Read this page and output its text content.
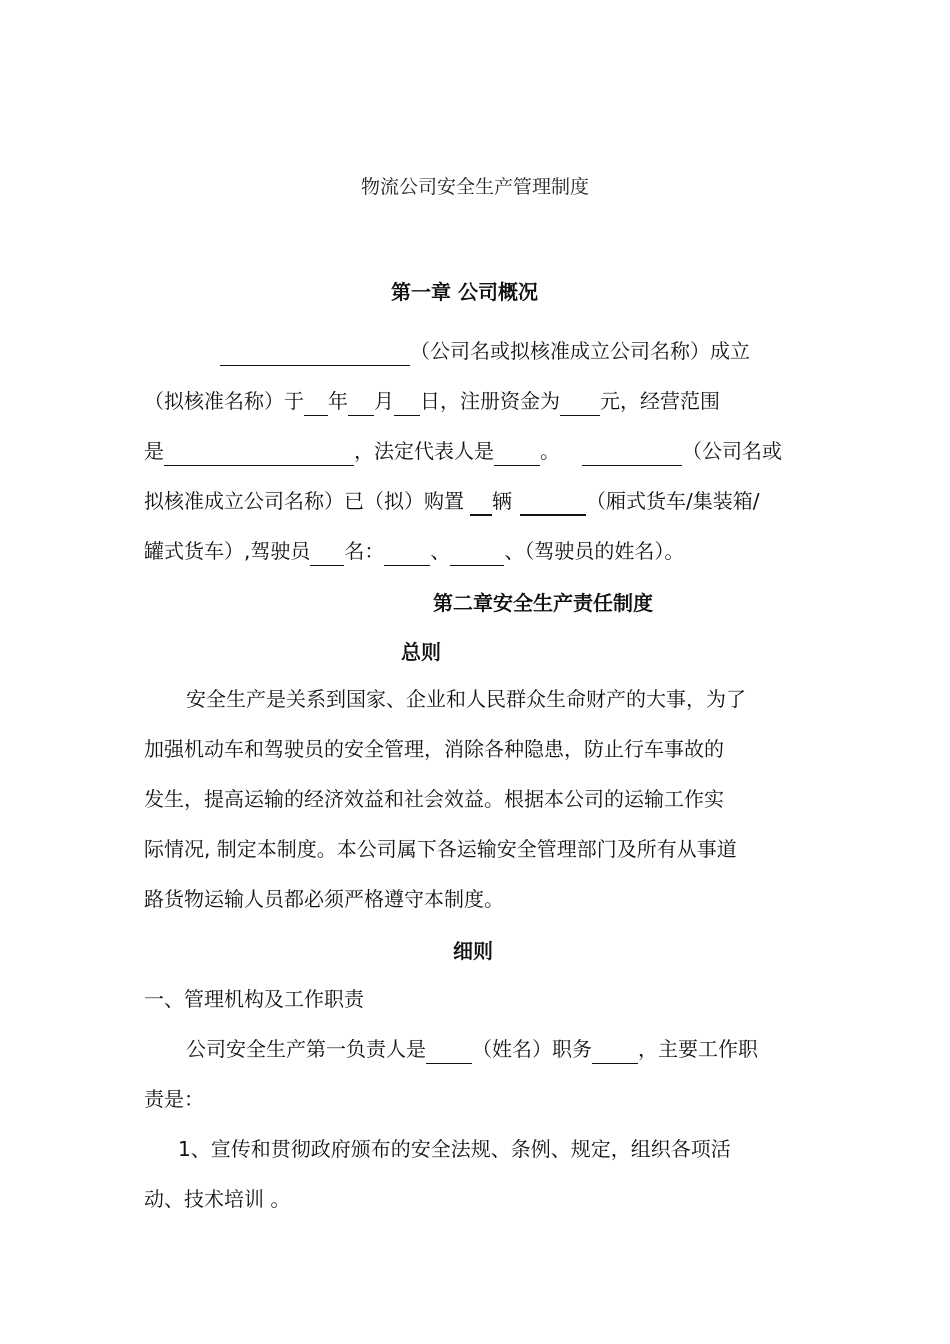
物流公司安全生产管理制度
第一章 公司概况
（公司名或拟核准成立公司名称）成立
（拟核准名称）于 年 月 日，注册资金为 元，经营范围
是	，法定代表人是 。	（公司名或
拟核准成立公司名称）已（拟）购置 辆	（厢式货车/集装箱/
罐式货车）,驾驶员 名： 、	、（驾驶员的姓名）。
第二章安全生产责任制度
总则
安全生产是关系到国家、企业和人民群众生命财产的大事，为了
加强机动车和驾驶员的安全管理，消除各种隐患，防止行车事故的
发生，提高运输的经济效益和社会效益。根据本公司的运输工作实
际情况, 制定本制度。本公司属下各运输安全管理部门及所有从事道
路货物运输人员都必须严格遵守本制度。
细则
一、管理机构及工作职责
公司安全生产第一负责人是 （姓名）职务 ，主要工作职
责是：
1、宣传和贯彻政府颁布的安全法规、条例、规定，组织各项活
动、技术培训 。
